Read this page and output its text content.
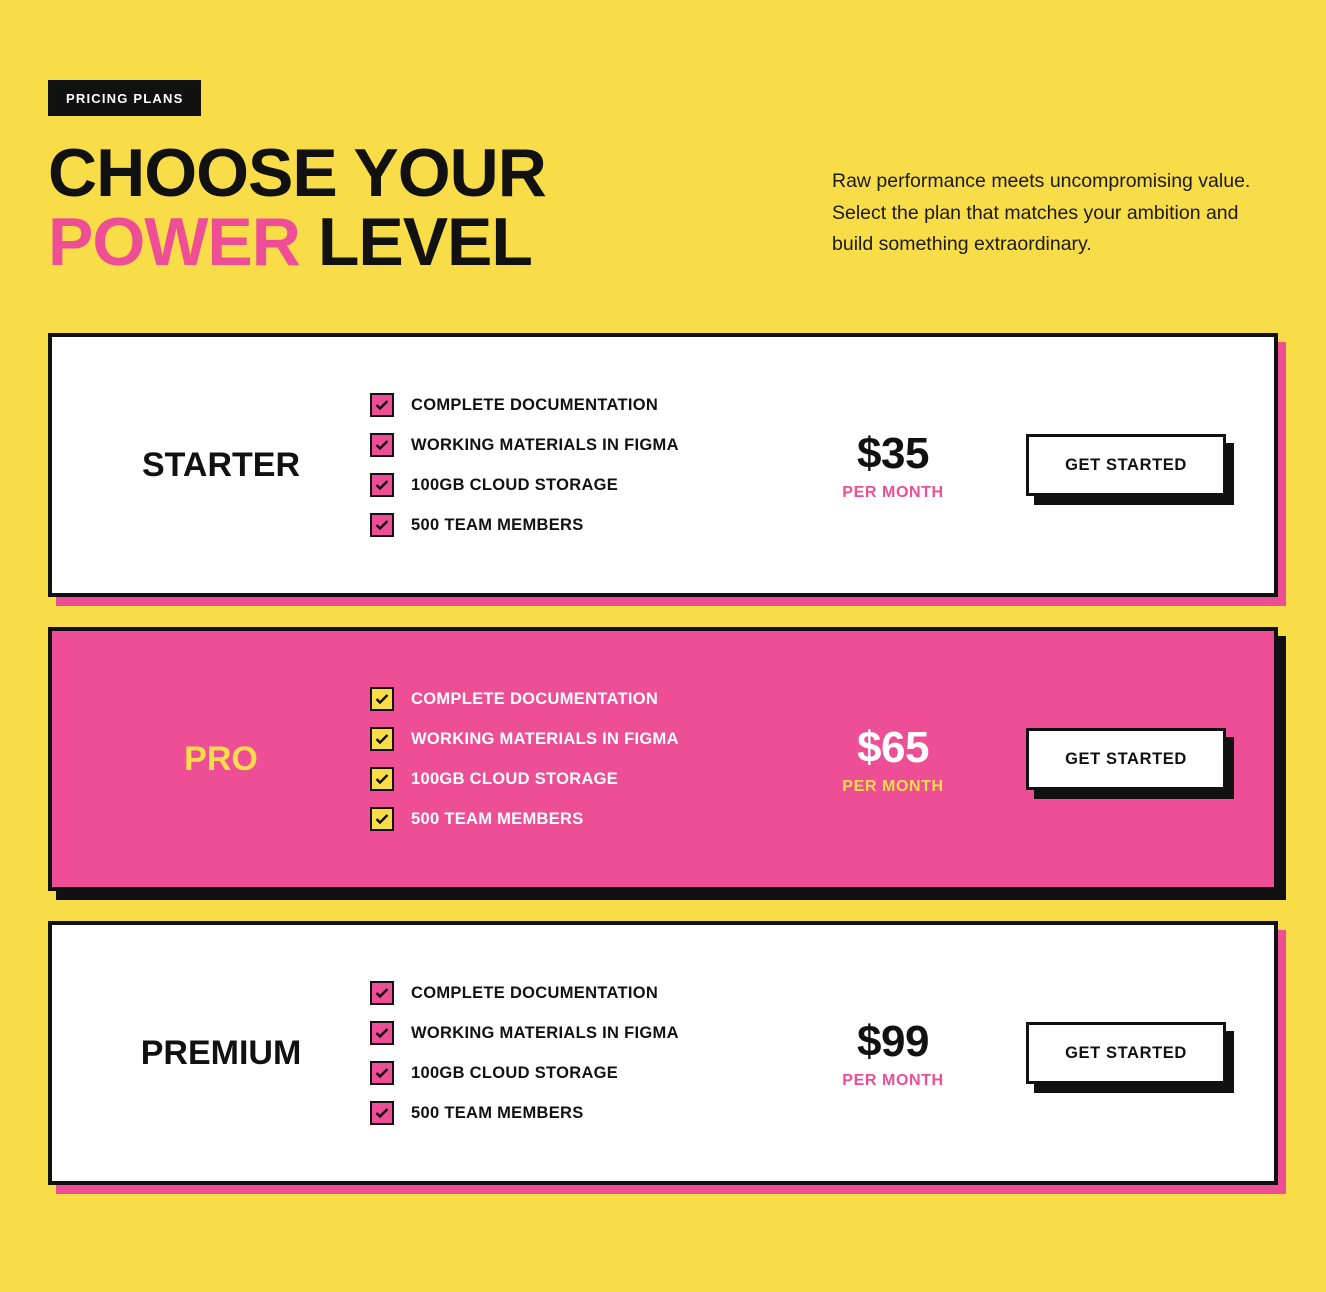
PRICING PLANS
CHOOSE YOUR
POWER LEVEL

Raw performance meets uncompromising value. Select the plan that matches your ambition and build something extraordinary.

STARTER
COMPLETE DOCUMENTATION
WORKING MATERIALS IN FIGMA
100GB CLOUD STORAGE
500 TEAM MEMBERS
$35
PER MONTH
GET STARTED
PRO
COMPLETE DOCUMENTATION
WORKING MATERIALS IN FIGMA
100GB CLOUD STORAGE
500 TEAM MEMBERS
$65
PER MONTH
GET STARTED
PREMIUM
COMPLETE DOCUMENTATION
WORKING MATERIALS IN FIGMA
100GB CLOUD STORAGE
500 TEAM MEMBERS
$99
PER MONTH
GET STARTED
